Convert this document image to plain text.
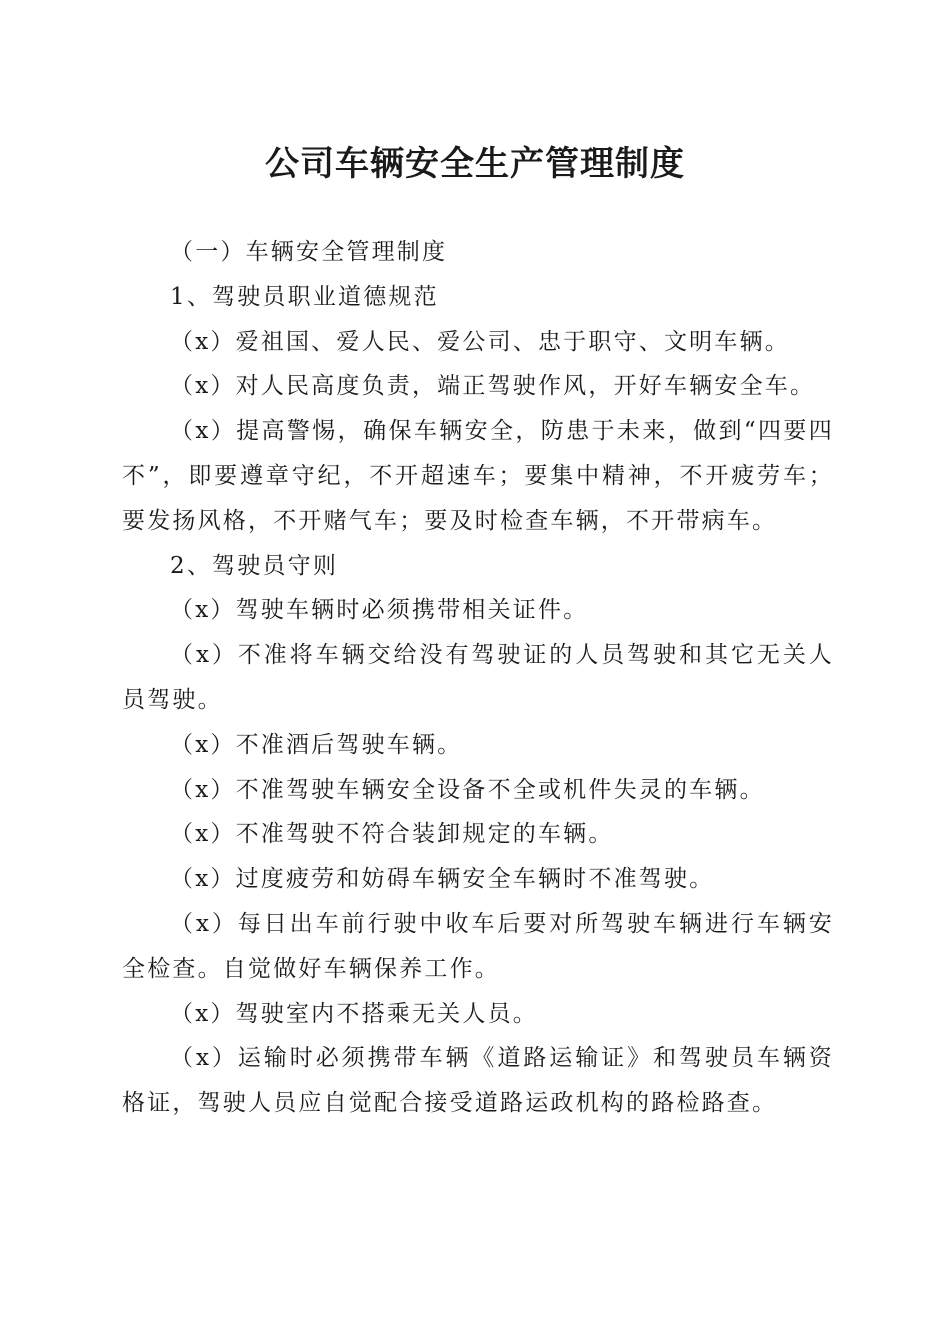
公司车辆安全生产管理制度

（一）车辆安全管理制度

1、驾驶员职业道德规范

（x）爱祖国、爱人民、爱公司、忠于职守、文明车辆。

（x）对人民高度负责，端正驾驶作风，开好车辆安全车。

（x）提高警惕，确保车辆安全，防患于未来，做到“四要四不”，即要遵章守纪，不开超速车；要集中精神，不开疲劳车；要发扬风格，不开赌气车；要及时检查车辆，不开带病车。

2、驾驶员守则

（x）驾驶车辆时必须携带相关证件。

（x）不准将车辆交给没有驾驶证的人员驾驶和其它无关人员驾驶。

（x）不准酒后驾驶车辆。

（x）不准驾驶车辆安全设备不全或机件失灵的车辆。

（x）不准驾驶不符合装卸规定的车辆。

（x）过度疲劳和妨碍车辆安全车辆时不准驾驶。

（x）每日出车前行驶中收车后要对所驾驶车辆进行车辆安全检查。自觉做好车辆保养工作。

（x）驾驶室内不搭乘无关人员。

（x）运输时必须携带车辆《道路运输证》和驾驶员车辆资格证，驾驶人员应自觉配合接受道路运政机构的路检路查。
